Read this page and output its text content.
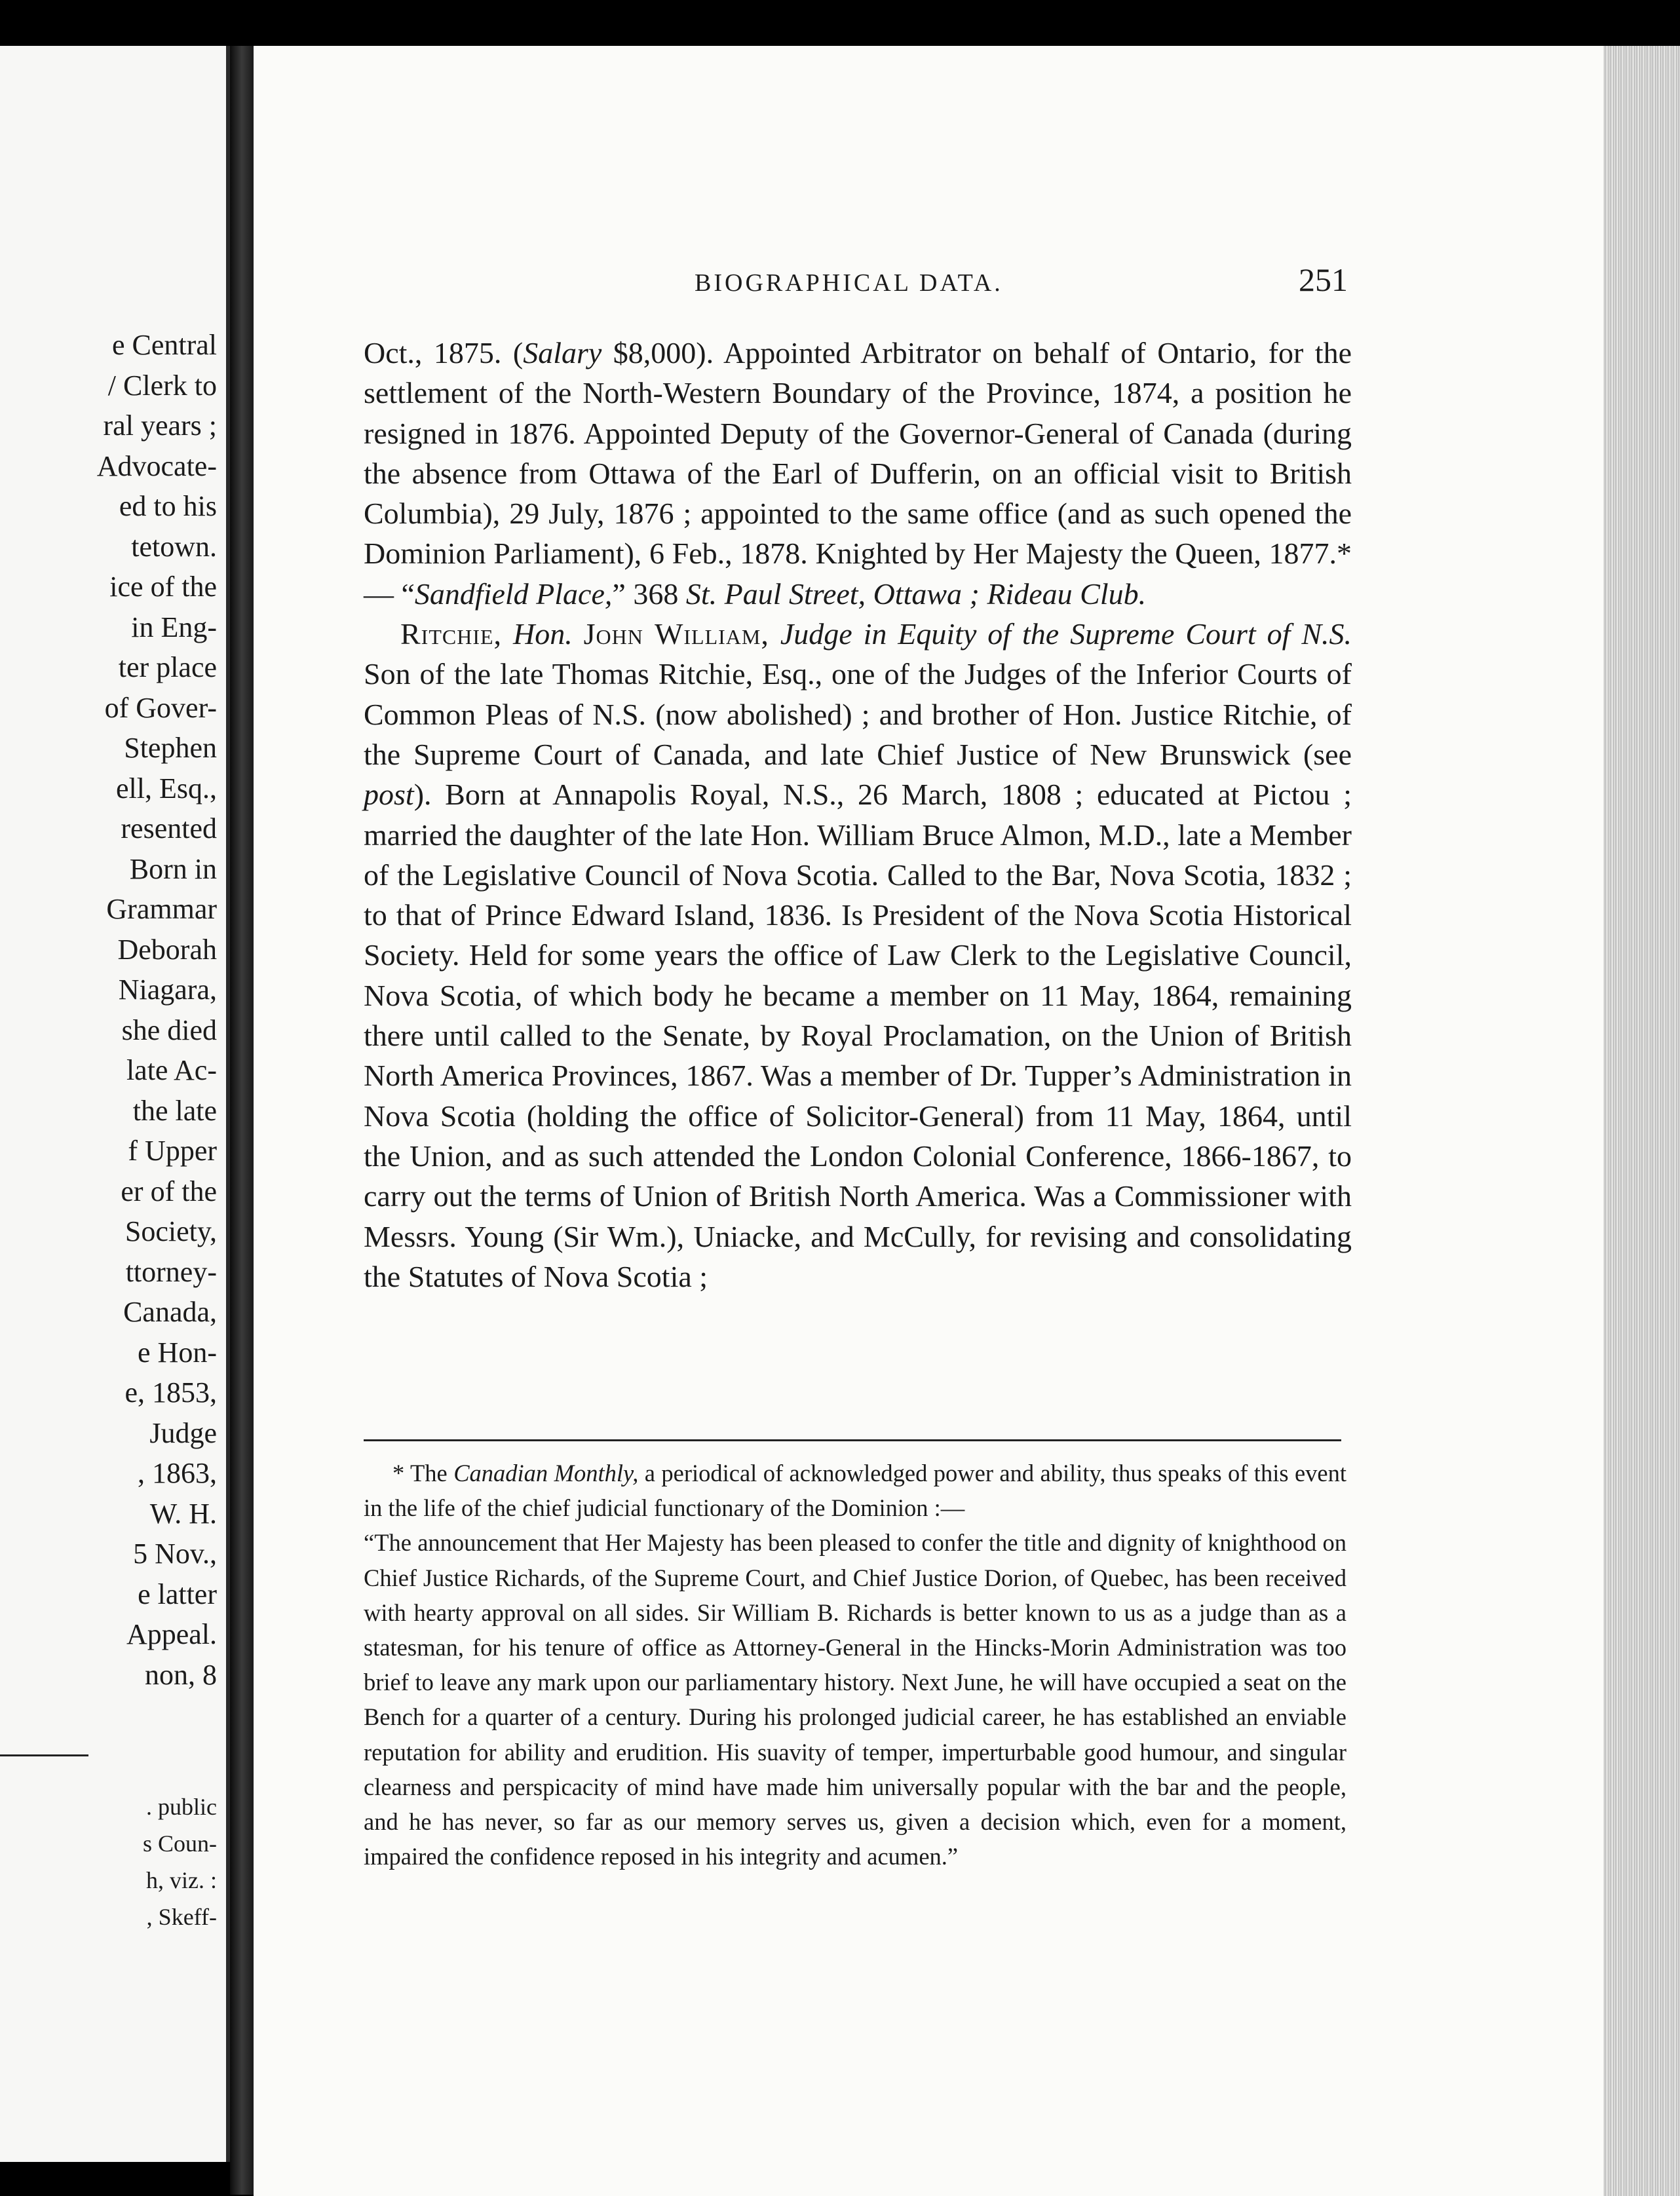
e Central
/ Clerk to
ral years ;
Advocate-
ed to his
tetown.
ice of the
in Eng-
ter place
of Gover-
Stephen
ell, Esq.,
resented
Born in
Grammar
Deborah
Niagara,
she died
late Ac-
the late
f Upper
er of the
Society,
ttorney-
Canada,
e Hon-
e, 1853,
Judge
, 1863,
W. H.
5 Nov.,
e latter
Appeal.
non, 8
. public
s Coun-
h, viz. :
, Skeff-
BIOGRAPHICAL DATA.	251

Oct., 1875. (Salary $8,000). Appointed Arbitrator on behalf of Ontario, for the settlement of the North-Western Boundary of the Province, 1874, a position he resigned in 1876. Appointed Deputy of the Governor-General of Canada (during the absence from Ottawa of the Earl of Dufferin, on an official visit to British Columbia), 29 July, 1876 ; appointed to the same office (and as such opened the Dominion Parliament), 6 Feb., 1878. Knighted by Her Majesty the Queen, 1877.*— “Sandfield Place,” 368 St. Paul Street, Ottawa ; Rideau Club.

Ritchie, Hon. John William, Judge in Equity of the Supreme Court of N.S. Son of the late Thomas Ritchie, Esq., one of the Judges of the Inferior Courts of Common Pleas of N.S. (now abolished) ; and brother of Hon. Justice Ritchie, of the Supreme Court of Canada, and late Chief Justice of New Brunswick (see post). Born at Annapolis Royal, N.S., 26 March, 1808 ; educated at Pictou ; married the daughter of the late Hon. William Bruce Almon, M.D., late a Member of the Legislative Council of Nova Scotia. Called to the Bar, Nova Scotia, 1832 ; to that of Prince Edward Island, 1836. Is President of the Nova Scotia Historical Society. Held for some years the office of Law Clerk to the Legislative Council, Nova Scotia, of which body he became a member on 11 May, 1864, remaining there until called to the Senate, by Royal Proclamation, on the Union of British North America Provinces, 1867. Was a member of Dr. Tupper’s Administration in Nova Scotia (holding the office of Solicitor-General) from 11 May, 1864, until the Union, and as such attended the London Colonial Conference, 1866-1867, to carry out the terms of Union of British North America. Was a Commissioner with Messrs. Young (Sir Wm.), Uniacke, and McCully, for revising and consolidating the Statutes of Nova Scotia ;

* The Canadian Monthly, a periodical of acknowledged power and ability, thus speaks of this event in the life of the chief judicial functionary of the Dominion :—

“The announcement that Her Majesty has been pleased to confer the title and dignity of knighthood on Chief Justice Richards, of the Supreme Court, and Chief Justice Dorion, of Quebec, has been received with hearty approval on all sides. Sir William B. Richards is better known to us as a judge than as a statesman, for his tenure of office as Attorney-General in the Hincks-Morin Administration was too brief to leave any mark upon our parliamentary history. Next June, he will have occupied a seat on the Bench for a quarter of a century. During his prolonged judicial career, he has established an enviable reputation for ability and erudition. His suavity of temper, imperturbable good humour, and singular clearness and perspicacity of mind have made him universally popular with the bar and the people, and he has never, so far as our memory serves us, given a decision which, even for a moment, impaired the confidence reposed in his integrity and acumen.”
